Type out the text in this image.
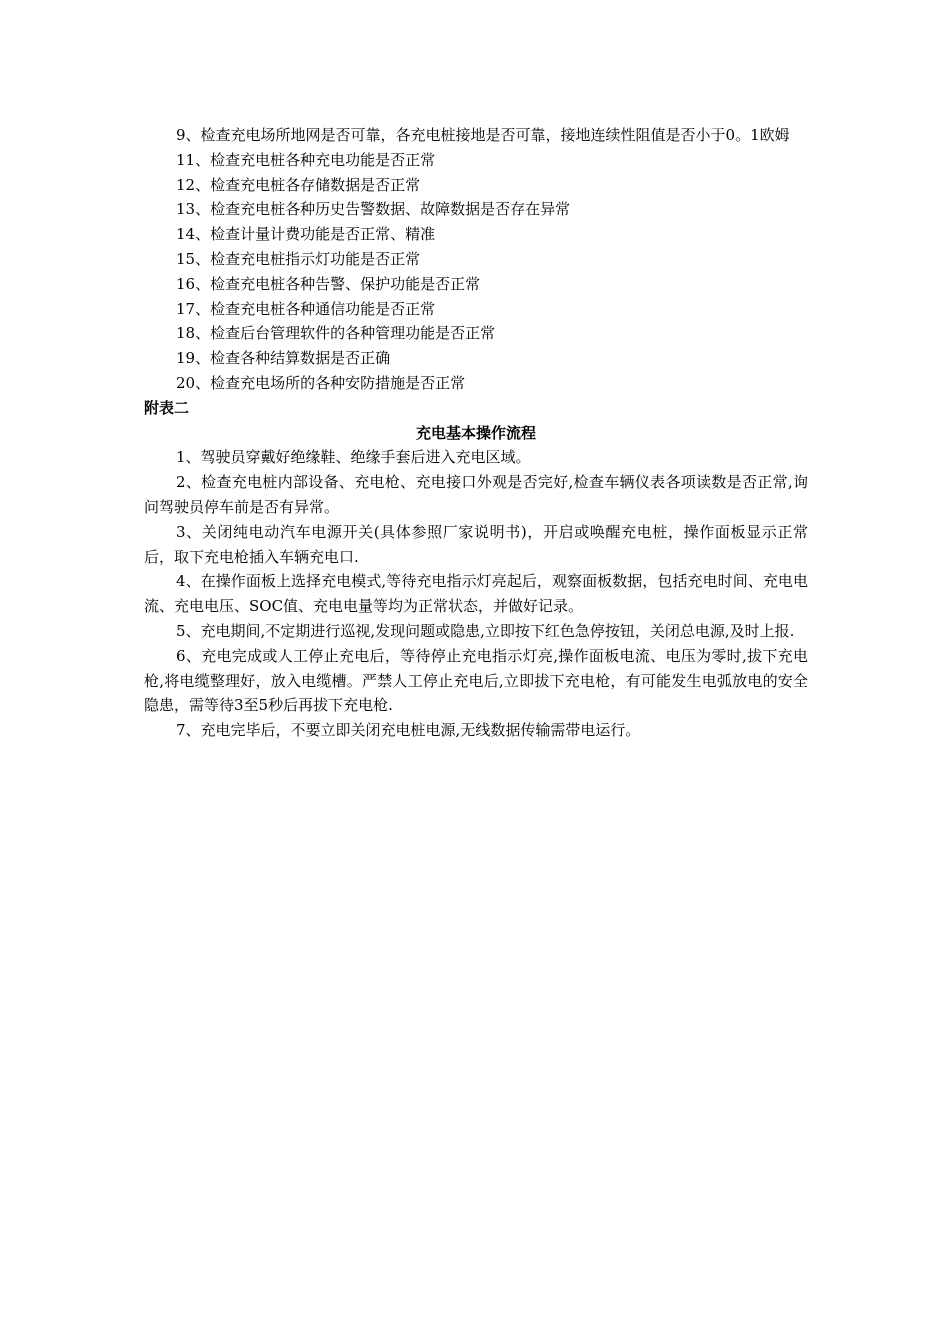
9、检查充电场所地网是否可靠，各充电桩接地是否可靠，接地连续性阻值是否小于0。1欧姆
11、检查充电桩各种充电功能是否正常
12、检查充电桩各存储数据是否正常
13、检查充电桩各种历史告警数据、故障数据是否存在异常
14、检查计量计费功能是否正常、精准
15、检查充电桩指示灯功能是否正常
16、检查充电桩各种告警、保护功能是否正常
17、检查充电桩各种通信功能是否正常
18、检查后台管理软件的各种管理功能是否正常
19、检查各种结算数据是否正确
20、检查充电场所的各种安防措施是否正常
附表二
充电基本操作流程
1、驾驶员穿戴好绝缘鞋、绝缘手套后进入充电区域。
2、检查充电桩内部设备、充电枪、充电接口外观是否完好,检查车辆仪表各项读数是否正常,询问驾驶员停车前是否有异常。
3、关闭纯电动汽车电源开关(具体参照厂家说明书)，开启或唤醒充电桩，操作面板显示正常后，取下充电枪插入车辆充电口.
4、在操作面板上选择充电模式,等待充电指示灯亮起后，观察面板数据，包括充电时间、充电电流、充电电压、SOC值、充电电量等均为正常状态，并做好记录。
5、充电期间,不定期进行巡视,发现问题或隐患,立即按下红色急停按钮，关闭总电源,及时上报.
6、充电完成或人工停止充电后，等待停止充电指示灯亮,操作面板电流、电压为零时,拔下充电枪,将电缆整理好，放入电缆槽。严禁人工停止充电后,立即拔下充电枪，有可能发生电弧放电的安全隐患，需等待3至5秒后再拔下充电枪.
7、充电完毕后，不要立即关闭充电桩电源,无线数据传输需带电运行。
